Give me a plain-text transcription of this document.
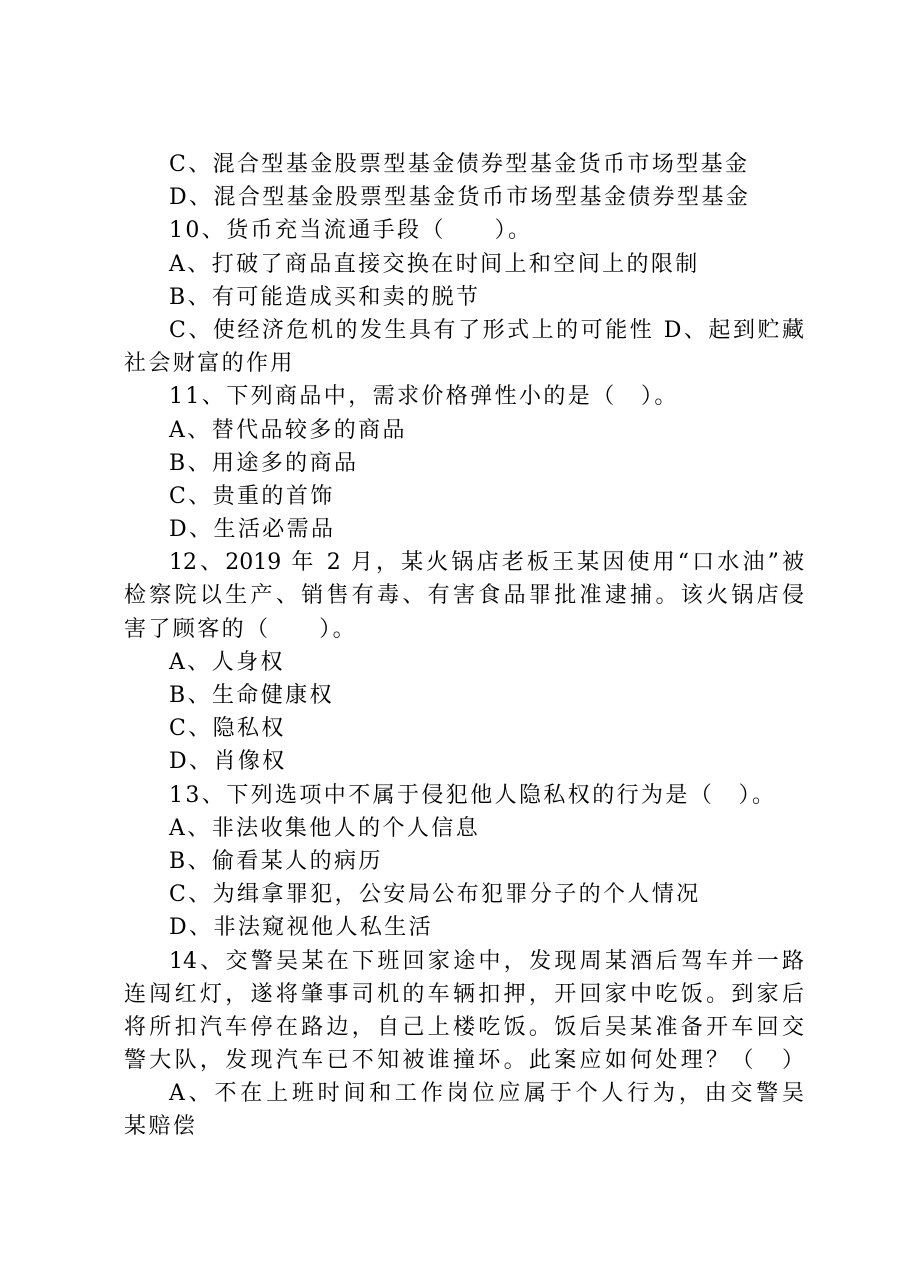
C、混合型基金股票型基金债券型基金货币市场型基金
D、混合型基金股票型基金货币市场型基金债券型基金
10、货币充当流通手段（　　）。
A、打破了商品直接交换在时间上和空间上的限制
B、有可能造成买和卖的脱节
C、使经济危机的发生具有了形式上的可能性 D、起到贮藏
社会财富的作用
11、下列商品中，需求价格弹性小的是（　）。
A、替代品较多的商品
B、用途多的商品
C、贵重的首饰
D、生活必需品
12、2019 年 2 月，某火锅店老板王某因使用“口水油”被
检察院以生产、销售有毒、有害食品罪批准逮捕。该火锅店侵
害了顾客的（　　）。
A、人身权
B、生命健康权
C、隐私权
D、肖像权
13、下列选项中不属于侵犯他人隐私权的行为是（　）。
A、非法收集他人的个人信息
B、偷看某人的病历
C、为缉拿罪犯，公安局公布犯罪分子的个人情况
D、非法窥视他人私生活
14、交警吴某在下班回家途中，发现周某酒后驾车并一路
连闯红灯，遂将肇事司机的车辆扣押，开回家中吃饭。到家后
将所扣汽车停在路边，自己上楼吃饭。饭后吴某准备开车回交
警大队，发现汽车已不知被谁撞坏。此案应如何处理？（　）
A、不在上班时间和工作岗位应属于个人行为，由交警吴
某赔偿
